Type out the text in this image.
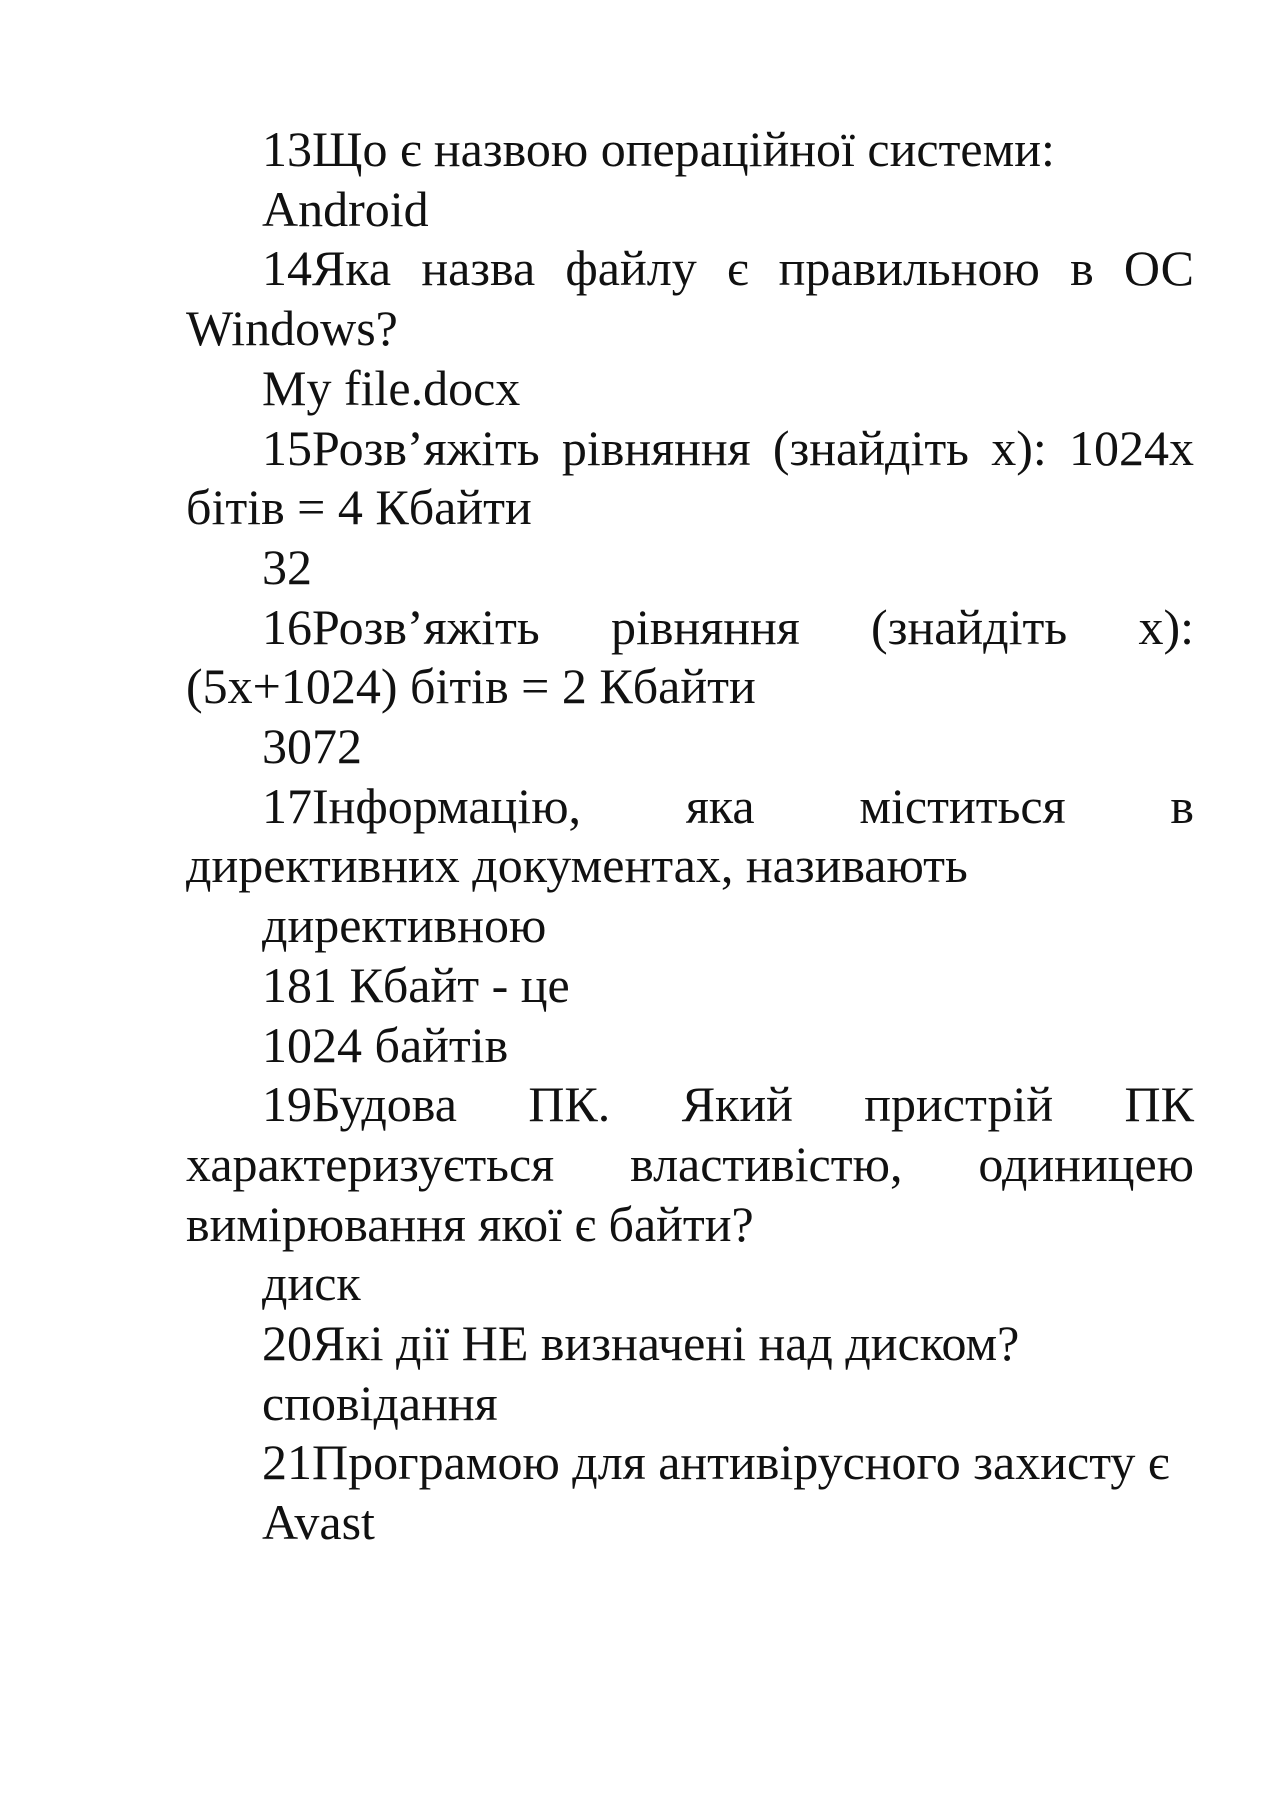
13Що є назвою операційної системи:

Android

14Яка назва файлу є правильною в ОС Windows?

My file.docx

15Розв’яжіть рівняння (знайдіть х): 1024х бітів = 4 Кбайти

32

16Розв’яжіть рівняння (знайдіть х): (5х+1024) бітів = 2 Кбайти

3072

17Інформацію, яка міститься в директивних документах, називають

директивною

181 Кбайт - це

1024 байтів

19Будова ПК. Який пристрій ПК характеризується властивістю, одиницею вимірювання якої є байти?

диск

20Які дії НЕ визначені над диском?

сповідання

21Програмою для антивірусного захисту є

Avast
